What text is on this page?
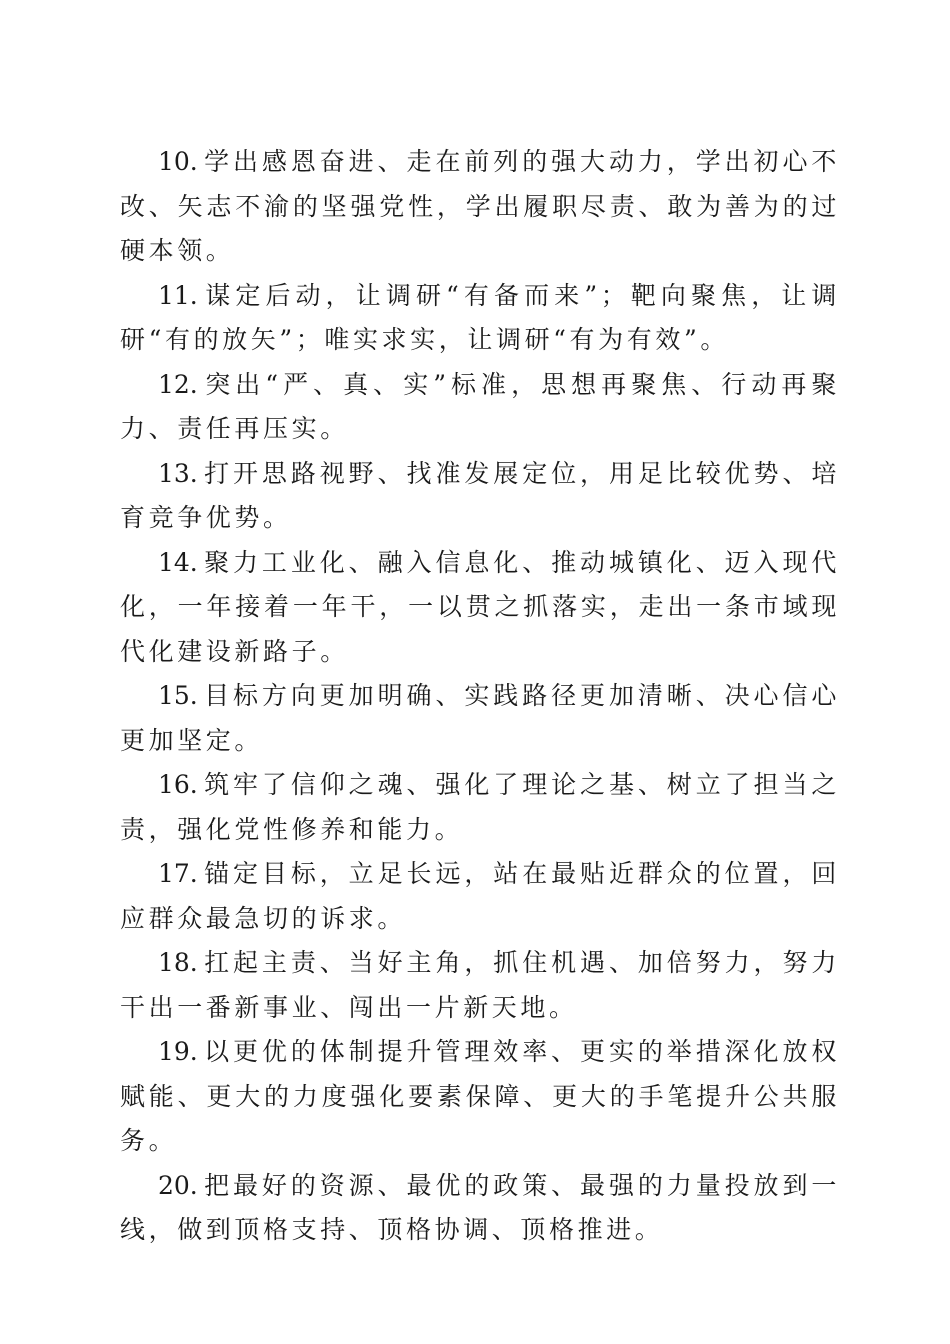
10. 学出感恩奋进、走在前列的强大动力，学出初心不改、矢志不渝的坚强党性，学出履职尽责、敢为善为的过硬本领。

11. 谋定后动，让调研“有备而来”；靶向聚焦，让调研“有的放矢”；唯实求实，让调研“有为有效”。

12. 突出“严、真、实”标准，思想再聚焦、行动再聚力、责任再压实。

13. 打开思路视野、找准发展定位，用足比较优势、培育竞争优势。

14. 聚力工业化、融入信息化、推动城镇化、迈入现代化，一年接着一年干，一以贯之抓落实，走出一条市域现代化建设新路子。

15. 目标方向更加明确、实践路径更加清晰、决心信心更加坚定。

16. 筑牢了信仰之魂、强化了理论之基、树立了担当之责，强化党性修养和能力。

17. 锚定目标，立足长远，站在最贴近群众的位置，回应群众最急切的诉求。

18. 扛起主责、当好主角，抓住机遇、加倍努力，努力干出一番新事业、闯出一片新天地。

19. 以更优的体制提升管理效率、更实的举措深化放权赋能、更大的力度强化要素保障、更大的手笔提升公共服务。

20. 把最好的资源、最优的政策、最强的力量投放到一线，做到顶格支持、顶格协调、顶格推进。
